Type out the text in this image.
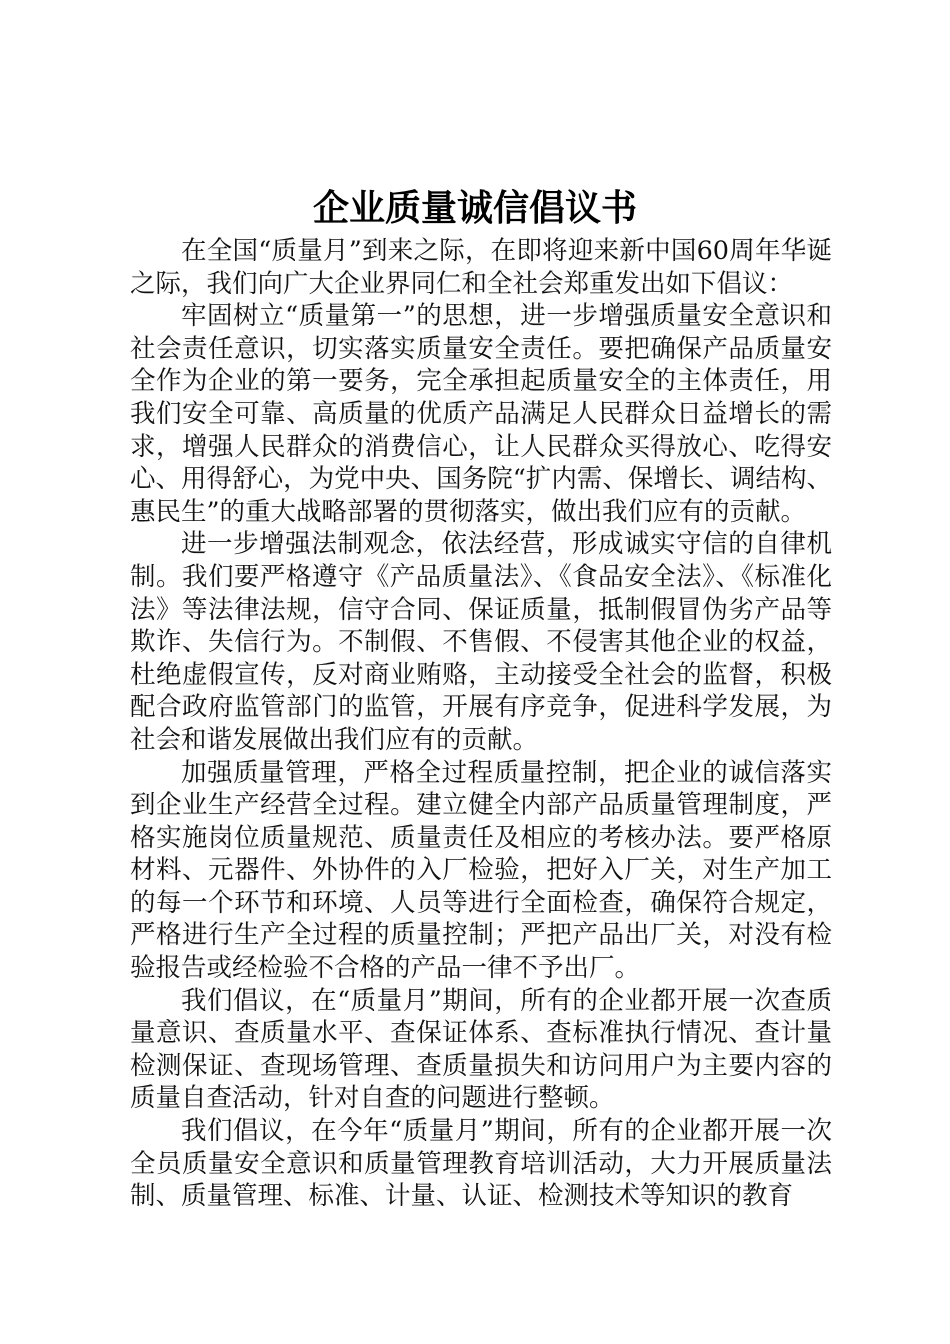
企业质量诚信倡议书

在全国“质量月”到来之际，在即将迎来新中国60周年华诞之际，我们向广大企业界同仁和全社会郑重发出如下倡议：

牢固树立“质量第一”的思想，进一步增强质量安全意识和社会责任意识，切实落实质量安全责任。要把确保产品质量安全作为企业的第一要务，完全承担起质量安全的主体责任，用我们安全可靠、高质量的优质产品满足人民群众日益增长的需求，增强人民群众的消费信心，让人民群众买得放心、吃得安心、用得舒心，为党中央、国务院“扩内需、保增长、调结构、惠民生”的重大战略部署的贯彻落实，做出我们应有的贡献。

进一步增强法制观念，依法经营，形成诚实守信的自律机制。我们要严格遵守《产品质量法》、《食品安全法》、《标准化法》等法律法规，信守合同、保证质量，抵制假冒伪劣产品等欺诈、失信行为。不制假、不售假、不侵害其他企业的权益，杜绝虚假宣传，反对商业贿赂，主动接受全社会的监督，积极配合政府监管部门的监管，开展有序竞争，促进科学发展，为社会和谐发展做出我们应有的贡献。

加强质量管理，严格全过程质量控制，把企业的诚信落实到企业生产经营全过程。建立健全内部产品质量管理制度，严格实施岗位质量规范、质量责任及相应的考核办法。要严格原材料、元器件、外协件的入厂检验，把好入厂关，对生产加工的每一个环节和环境、人员等进行全面检查，确保符合规定，严格进行生产全过程的质量控制；严把产品出厂关，对没有检验报告或经检验不合格的产品一律不予出厂。

我们倡议，在“质量月”期间，所有的企业都开展一次查质量意识、查质量水平、查保证体系、查标准执行情况、查计量检测保证、查现场管理、查质量损失和访问用户为主要内容的质量自查活动，针对自查的问题进行整顿。

我们倡议，在今年“质量月”期间，所有的企业都开展一次全员质量安全意识和质量管理教育培训活动，大力开展质量法制、质量管理、标准、计量、认证、检测技术等知识的教育
